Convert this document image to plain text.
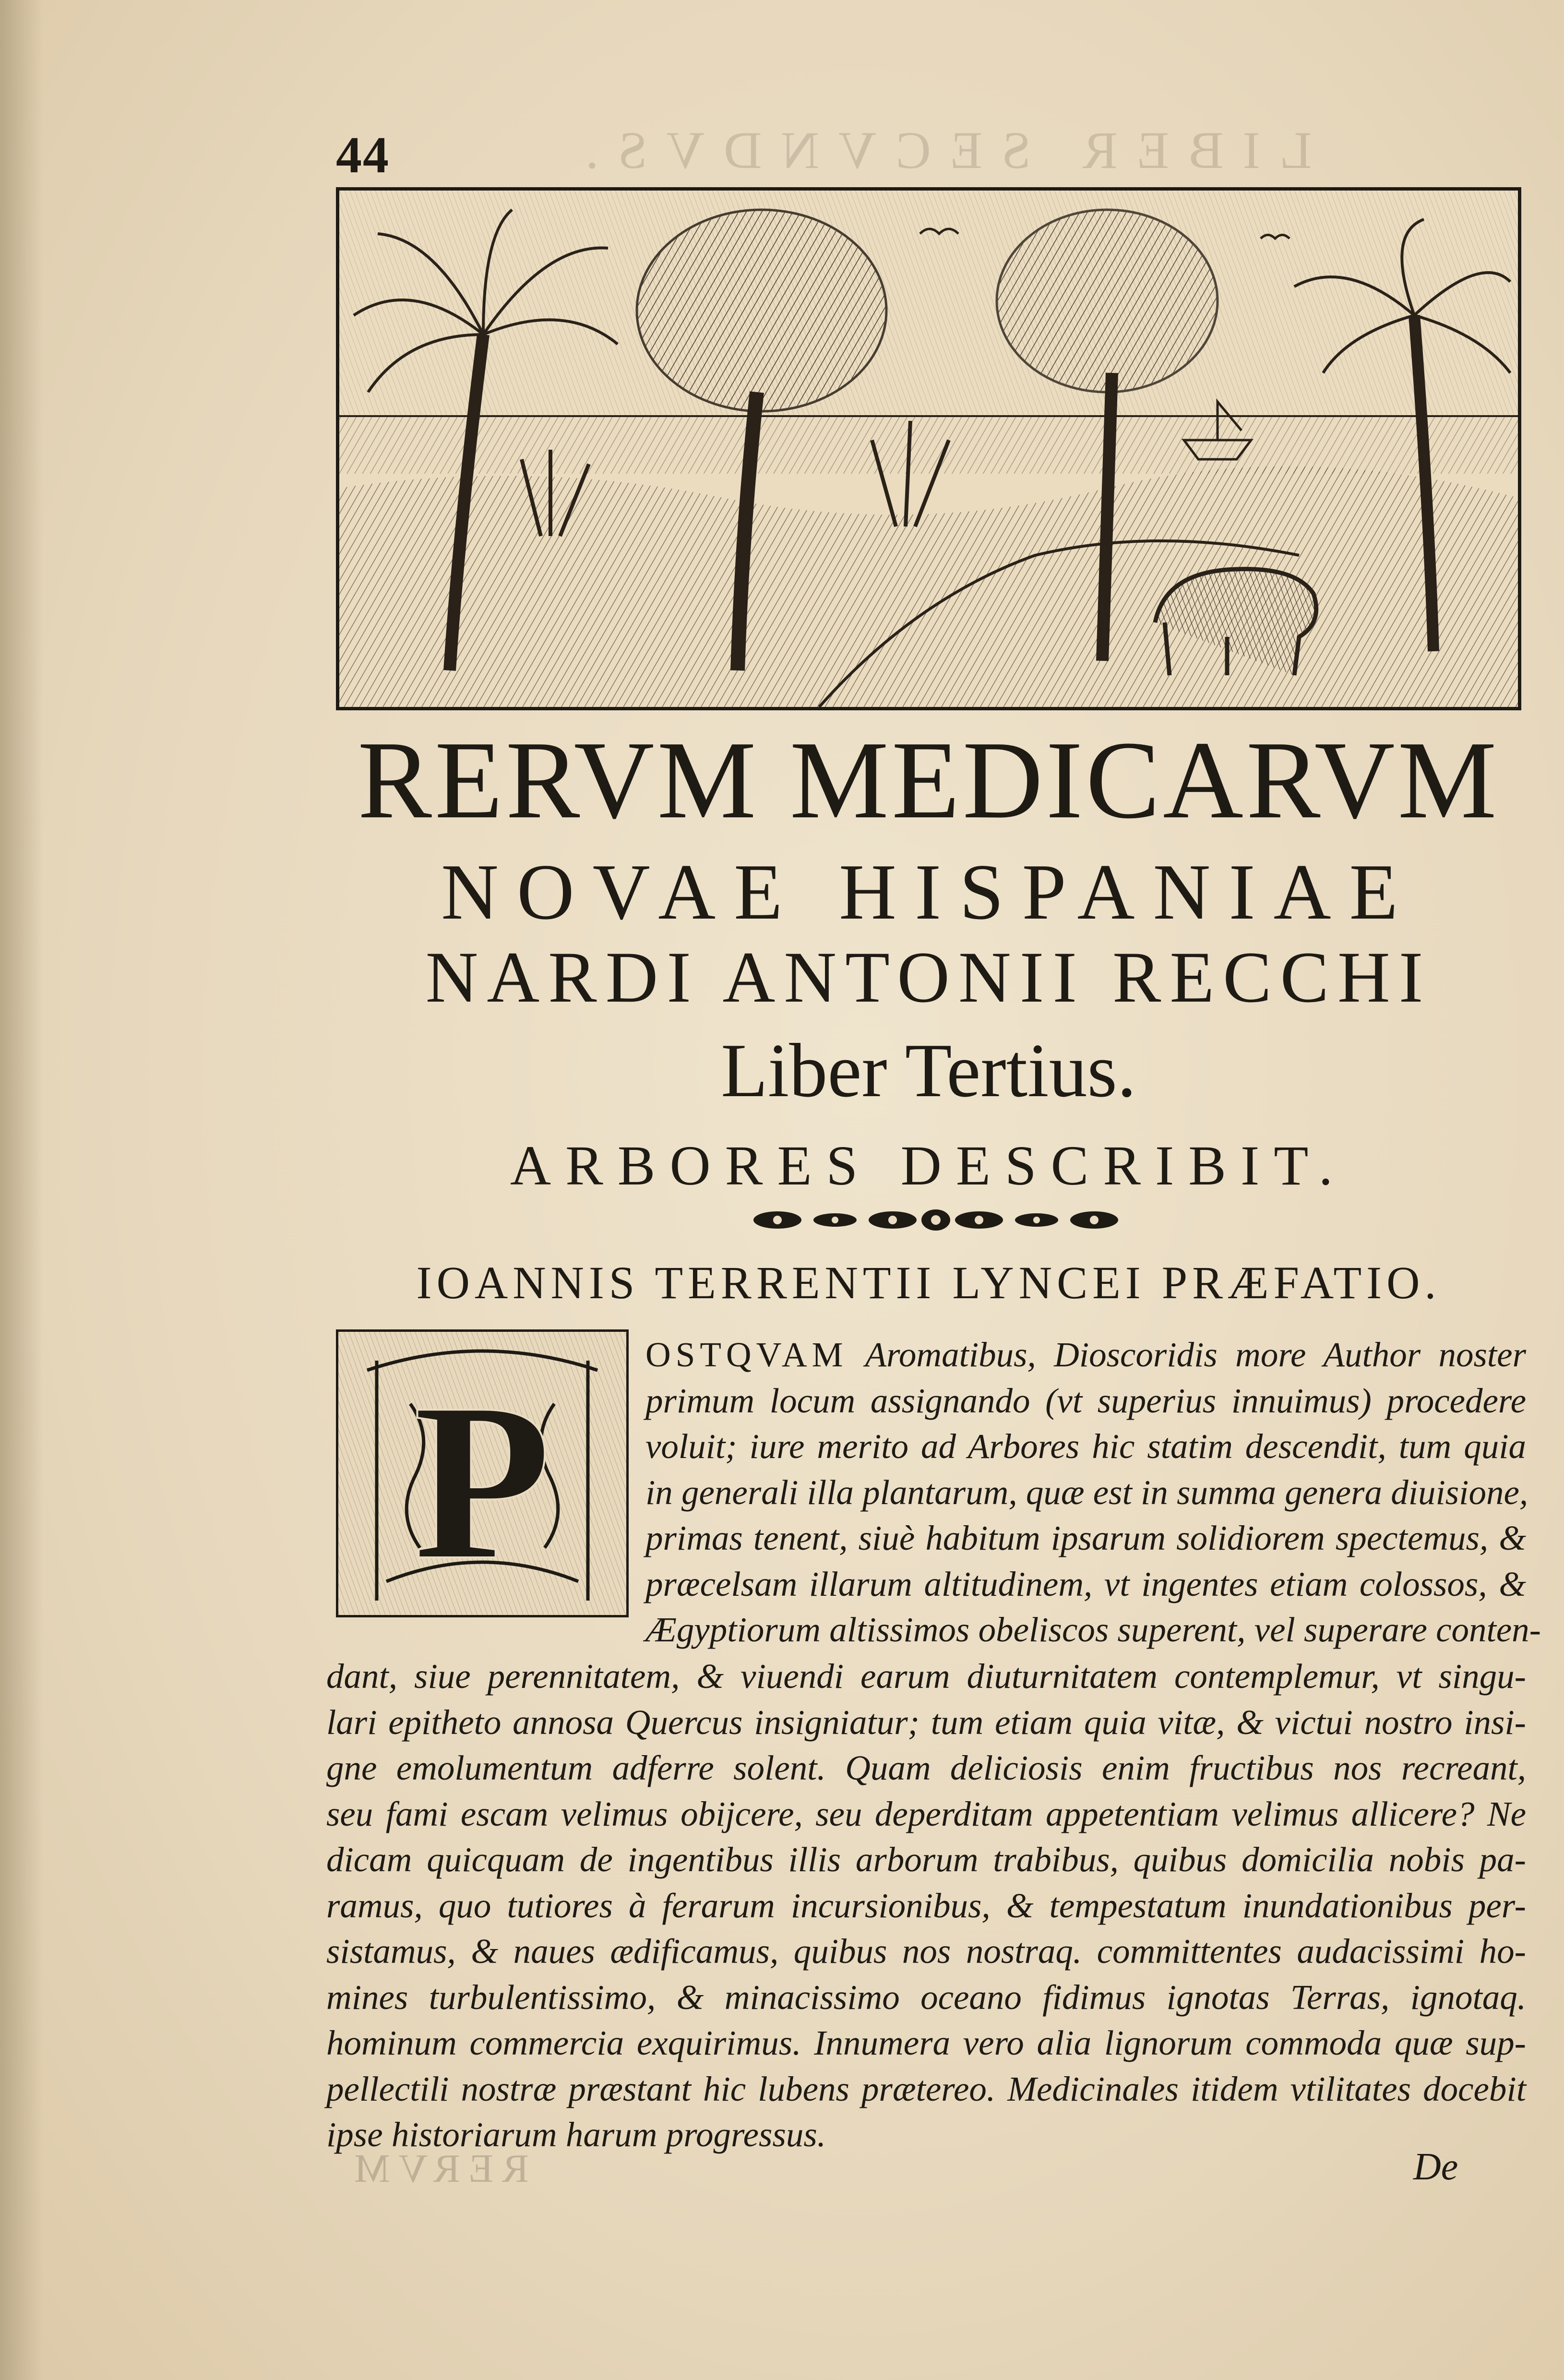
LIBER SECVNDVS.
44
RERVM MEDICARVM
NOVAE HISPANIAE
NARDI ANTONII RECCHI
Liber Tertius.
ARBORES DESCRIBIT.
IOANNIS TERRENTII LYNCEI PRÆFATIO.
P
OSTQVAM Aromatibus, Dioscoridis more Author noster
primum locum assignando (vt superius innuimus) procedere
voluit; iure merito ad Arbores hic statim descendit, tum quia
in generali illa plantarum, quæ est in summa genera diuisione,
primas tenent, siuè habitum ipsarum solidiorem spectemus, &
præcelsam illarum altitudinem, vt ingentes etiam colossos, &
Ægyptiorum altissimos obeliscos superent, vel superare conten-
dant, siue perennitatem, & viuendi earum diuturnitatem contemplemur, vt singu-
lari epitheto annosa Quercus insigniatur; tum etiam quia vitæ, & victui nostro insi-
gne emolumentum adferre solent. Quam deliciosis enim fructibus nos recreant,
seu fami escam velimus obijcere, seu deperditam appetentiam velimus allicere? Ne
dicam quicquam de ingentibus illis arborum trabibus, quibus domicilia nobis pa-
ramus, quo tutiores à ferarum incursionibus, & tempestatum inundationibus per-
sistamus, & naues ædificamus, quibus nos nostraq. committentes audacissimi ho-
mines turbulentissimo, & minacissimo oceano fidimus ignotas Terras, ignotaq.
hominum commercia exquirimus. Innumera vero alia lignorum commoda quæ sup-
pellectili nostræ præstant hic lubens prætereo. Medicinales itidem vtilitates docebit
ipse historiarum harum progressus.
RERVM	De
